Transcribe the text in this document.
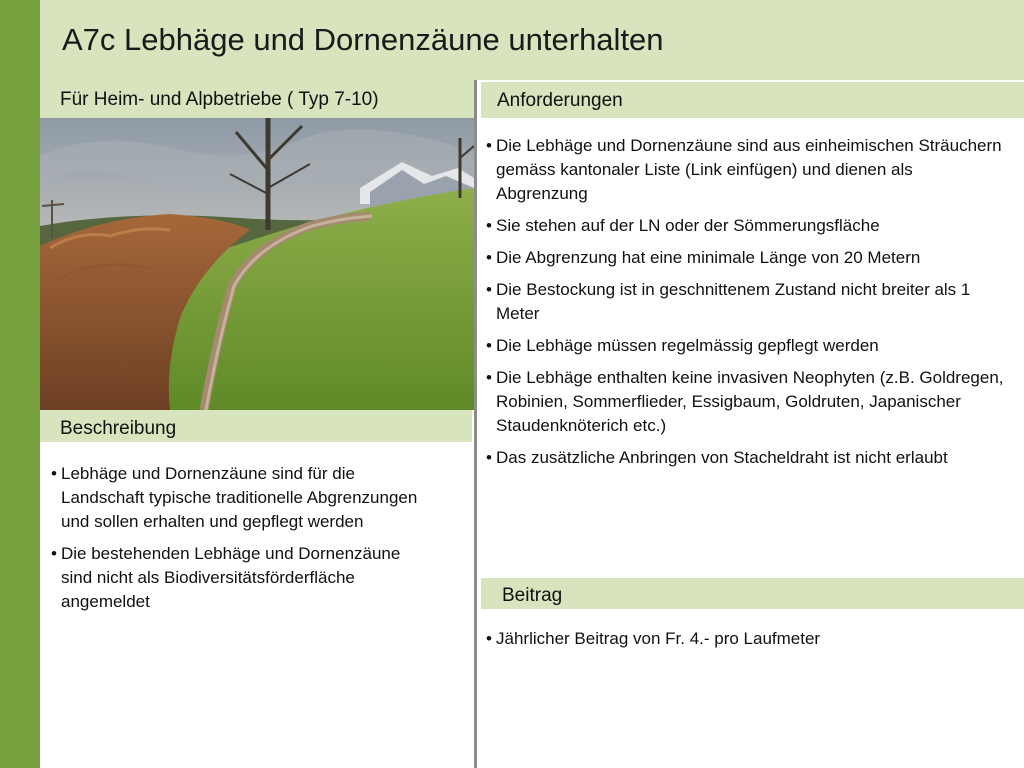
A7c Lebhäge und Dornenzäune unterhalten
Für Heim- und Alpbetriebe ( Typ 7-10)	Anforderungen
Beschreibung
• Lebhäge und Dornenzäune sind für die Landschaft typische traditionelle Abgrenzungen und sollen erhalten und gepflegt werden
• Die bestehenden Lebhäge und Dornenzäune sind nicht als Biodiversitätsförderfläche angemeldet
• Die Lebhäge und Dornenzäune sind aus einheimischen Sträuchern gemäss kantonaler Liste (Link einfügen) und dienen als Abgrenzung
• Sie stehen auf der LN oder der Sömmerungsfläche
• Die Abgrenzung hat eine minimale Länge von 20 Metern
• Die Bestockung ist in geschnittenem Zustand nicht breiter als 1 Meter
• Die Lebhäge müssen regelmässig gepflegt werden
• Die Lebhäge enthalten keine invasiven Neophyten (z.B. Goldregen, Robinien, Sommerflieder, Essigbaum, Goldruten, Japanischer Staudenknöterich etc.)
• Das zusätzliche Anbringen von Stacheldraht ist nicht erlaubt
Beitrag
• Jährlicher Beitrag von Fr. 4.- pro Laufmeter
